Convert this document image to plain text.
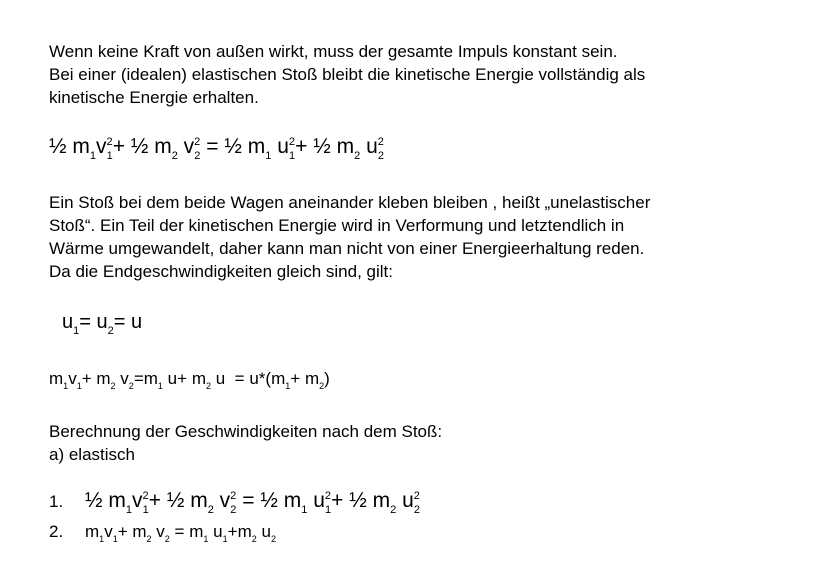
Wenn keine Kraft von außen wirkt, muss der gesamte Impuls konstant sein.
Bei einer (idealen) elastischen Stoß bleibt die kinetische Energie vollständig als
kinetische Energie erhalten.
½ $m_1v^2_1+$ ½ $m_2$ $v^2_2$ = ½ $m_1$ $u^2_1+$ ½ $m_2$ $u^2_2$
Ein Stoß bei dem beide Wagen aneinander kleben bleiben , heißt „unelastischer
Stoß“. Ein Teil der kinetischen Energie wird in Verformung und letztendlich in
Wärme umgewandelt, daher kann man nicht von einer Energieerhaltung reden.
Da die Endgeschwindigkeiten gleich sind, gilt:
$u_1= u_2= u$
$m_1v_1+ m_2$ $v_2=m_1$ $u+ m_2$ $u = u*(m_1+ m_2)$
Berechnung der Geschwindigkeiten nach dem Stoß:
a) elastisch
1. ½ $m_1v^2_1+$ ½ $m_2$ $v^2_2$ = ½ $m_1$ $u^2_1+$ ½ $m_2$ $u^2_2$
2. $m_1v_1+ m_2$ $v_2 = m_1$ $u_1+m_2$ $u_2$
